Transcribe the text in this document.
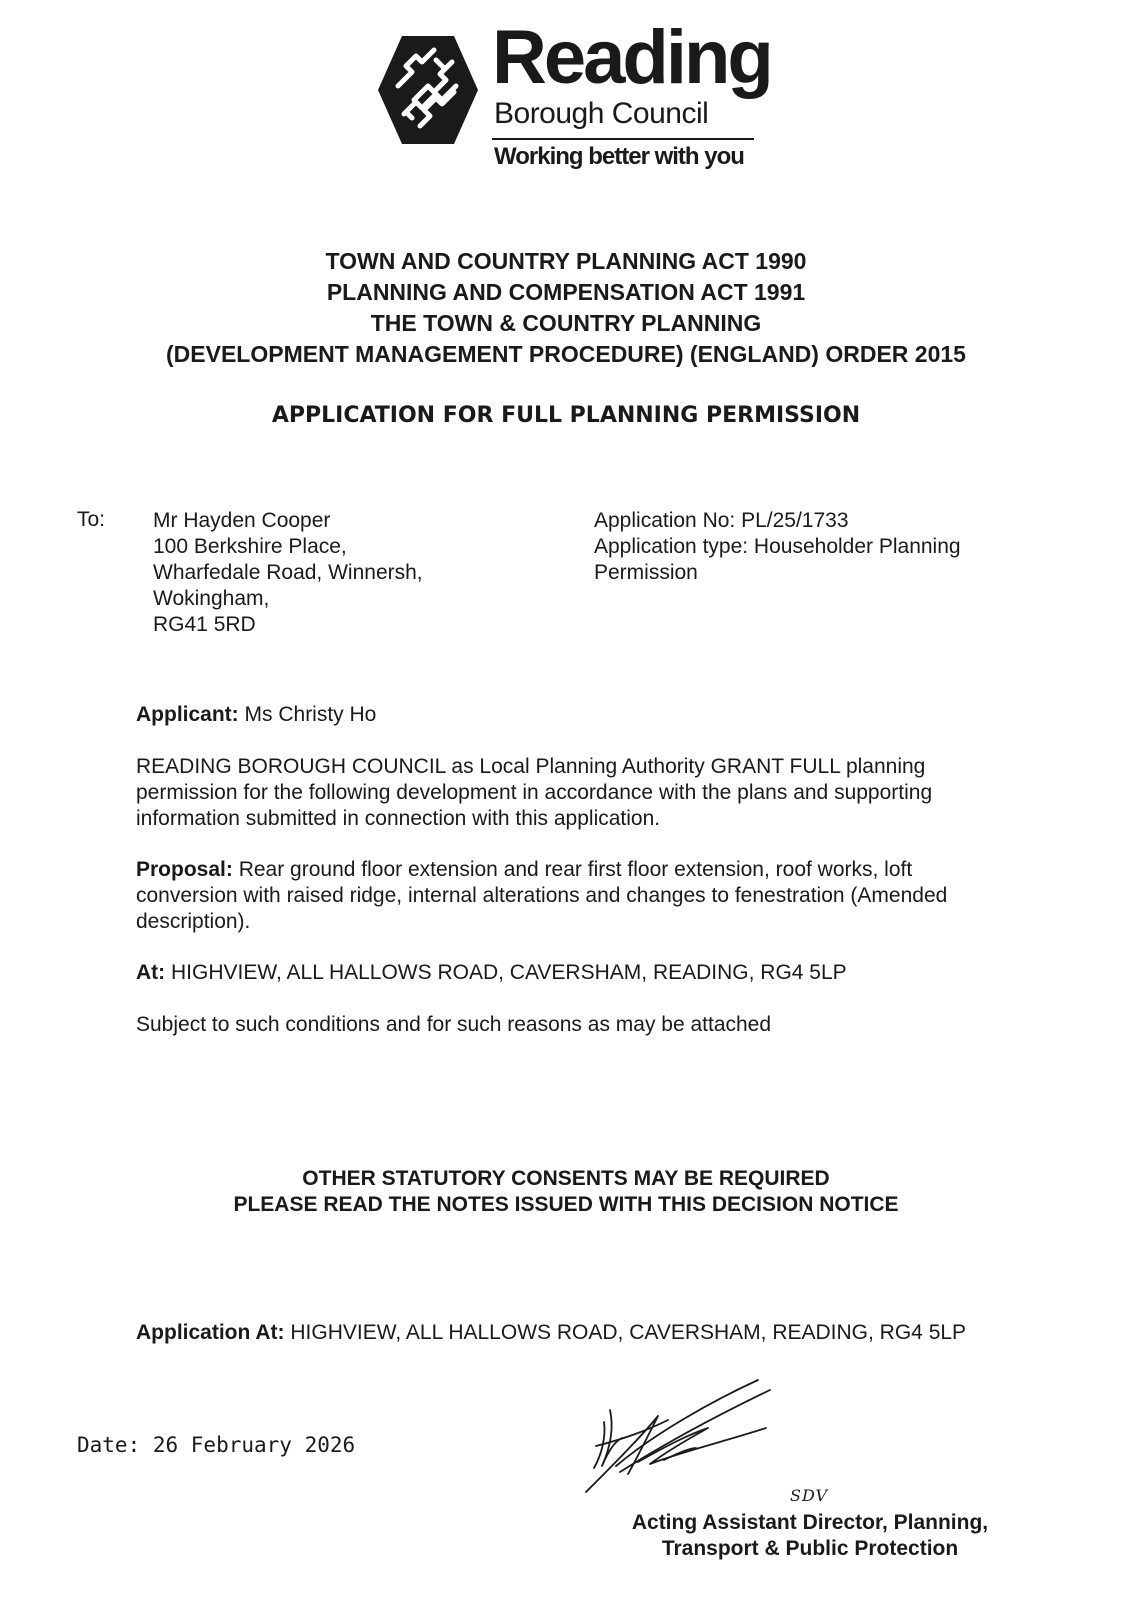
Reading
Borough Council
Working better with you
TOWN AND COUNTRY PLANNING ACT 1990
PLANNING AND COMPENSATION ACT 1991
THE TOWN & COUNTRY PLANNING
(DEVELOPMENT MANAGEMENT PROCEDURE) (ENGLAND) ORDER 2015
APPLICATION FOR FULL PLANNING PERMISSION
To: Mr Hayden Cooper
100 Berkshire Place,
Wharfedale Road, Winnersh,
Wokingham,
RG41 5RD
Application No: PL/25/1733
Application type: Householder Planning
Permission
Applicant: Ms Christy Ho
READING BOROUGH COUNCIL as Local Planning Authority GRANT FULL planning
permission for the following development in accordance with the plans and supporting
information submitted in connection with this application.
Proposal: Rear ground floor extension and rear first floor extension, roof works, loft
conversion with raised ridge, internal alterations and changes to fenestration (Amended
description).
At: HIGHVIEW, ALL HALLOWS ROAD, CAVERSHAM, READING, RG4 5LP
Subject to such conditions and for such reasons as may be attached
OTHER STATUTORY CONSENTS MAY BE REQUIRED
PLEASE READ THE NOTES ISSUED WITH THIS DECISION NOTICE
Application At: HIGHVIEW, ALL HALLOWS ROAD, CAVERSHAM, READING, RG4 5LP
Date: 26 February 2026
SDV
Acting Assistant Director, Planning,
Transport & Public Protection
